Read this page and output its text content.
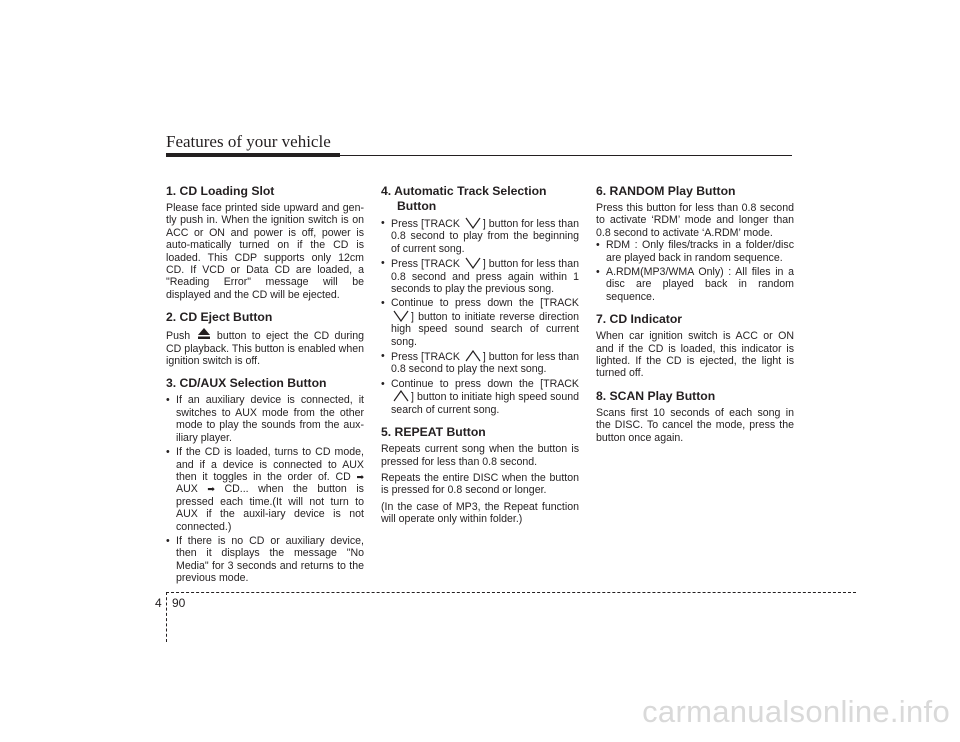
Features of your vehicle
1. CD Loading Slot

Please face printed side upward and gen-tly push in. When the ignition switch is on ACC or ON and power is off, power is auto-matically turned on if the CD is loaded. This CDP supports only 12cm CD. If VCD or Data CD are loaded, a "Reading Error" message will be displayed and the CD will be ejected.

2. CD Eject Button

Push
button to eject the CD during CD playback. This button is enabled when ignition switch is off.

3. CD/AUX Selection Button
• If an auxiliary device is connected, it switches to AUX mode from the other mode to play the sounds from the aux-iliary player.
• If the CD is loaded, turns to CD mode, and if a device is connected to AUX then it toggles in the order of. CD ➡ AUX ➡ CD... when the button is pressed each time.(It will not turn to AUX if the auxil-iary device is not connected.)
• If there is no CD or auxiliary device, then it displays the message "No Media" for 3 seconds and returns to the previous mode.
4. Automatic Track Selection Button
• Press [TRACK
] button for less than 0.8 second to play from the beginning of current song.
• Press [TRACK
] button for less than 0.8 second and press again within 1 seconds to play the previous song.
• Continue to press down the [TRACK
] button to initiate reverse direction high speed sound search of current song.
• Press [TRACK
] button for less than 0.8 second to play the next song.
• Continue to press down the [TRACK
] button to initiate high speed sound search of current song.
5. REPEAT Button

Repeats current song when the button is pressed for less than 0.8 second.

Repeats the entire DISC when the button is pressed for 0.8 second or longer.

(In the case of MP3, the Repeat function will operate only within folder.)

6. RANDOM Play Button

Press this button for less than 0.8 second to activate ‘RDM’ mode and longer than 0.8 second to activate ‘A.RDM’ mode.

• RDM : Only files/tracks in a folder/disc are played back in random sequence.
• A.RDM(MP3/WMA Only) : All files in a disc are played back in random sequence.
7. CD Indicator

When car ignition switch is ACC or ON and if the CD is loaded, this indicator is lighted. If the CD is ejected, the light is turned off.

8. SCAN Play Button

Scans first 10 seconds of each song in the DISC. To cancel the mode, press the button once again.

4 90
carmanualsonline.info
